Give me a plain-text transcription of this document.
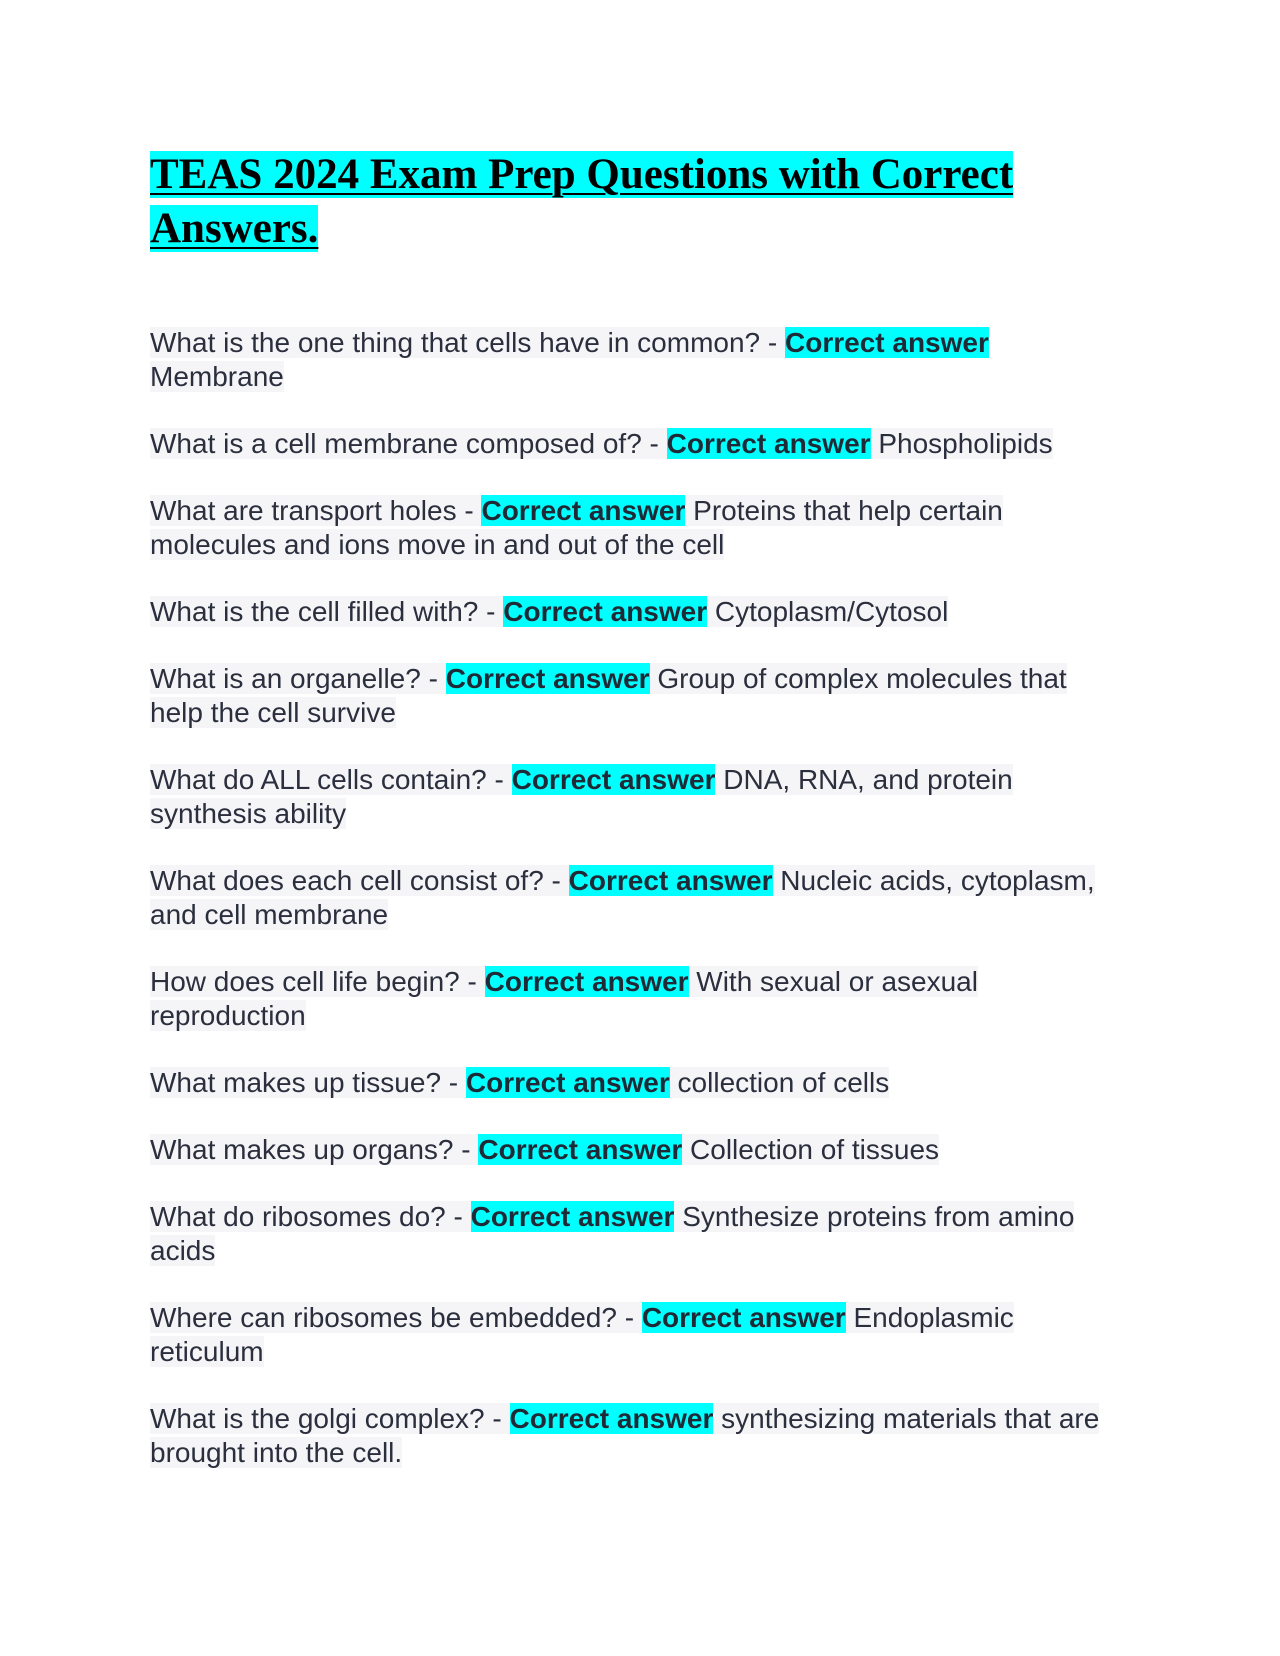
TEAS 2024 Exam Prep Questions with Correct Answers.

What is the one thing that cells have in common? - Correct answer Membrane

What is a cell membrane composed of? - Correct answer Phospholipids

What are transport holes - Correct answer Proteins that help certain molecules and ions move in and out of the cell

What is the cell filled with? - Correct answer Cytoplasm/Cytosol

What is an organelle? - Correct answer Group of complex molecules that help the cell survive

What do ALL cells contain? - Correct answer DNA, RNA, and protein synthesis ability

What does each cell consist of? - Correct answer Nucleic acids, cytoplasm, and cell membrane

How does cell life begin? - Correct answer With sexual or asexual reproduction

What makes up tissue? - Correct answer collection of cells

What makes up organs? - Correct answer Collection of tissues

What do ribosomes do? - Correct answer Synthesize proteins from amino acids

Where can ribosomes be embedded? - Correct answer Endoplasmic reticulum

What is the golgi complex? - Correct answer synthesizing materials that are brought into the cell.
